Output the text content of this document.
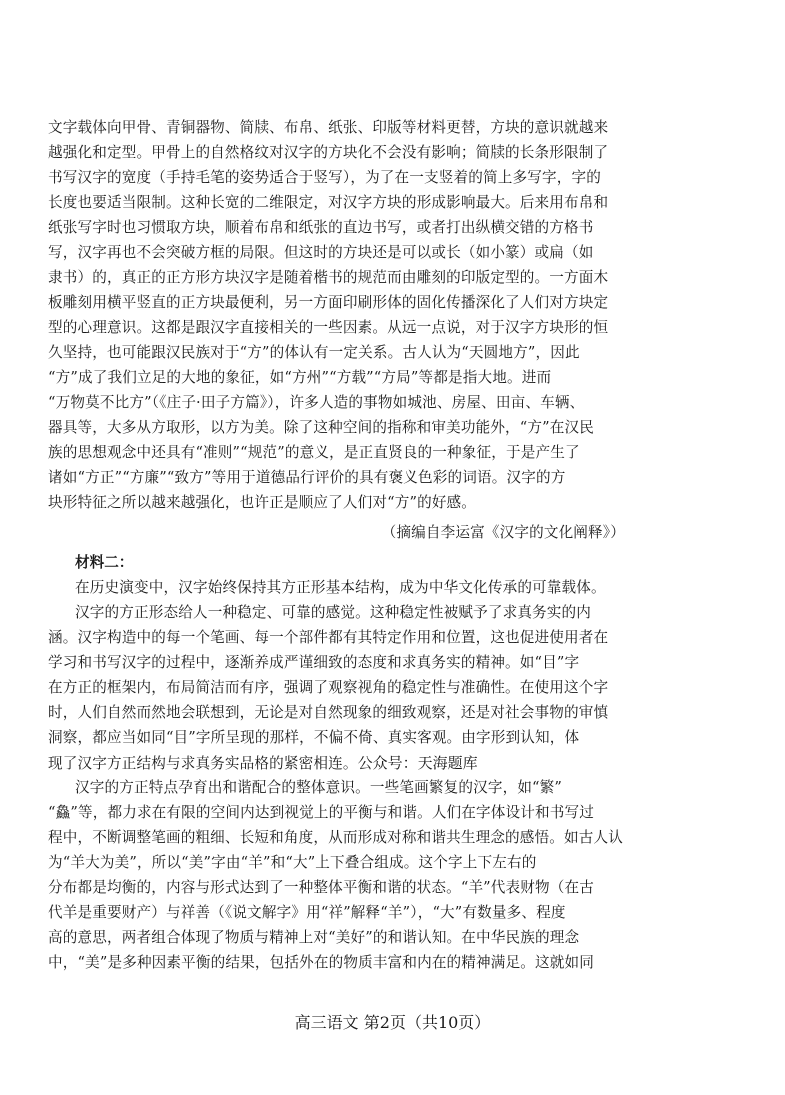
文字载体向甲骨、青铜器物、简牍、布帛、纸张、印版等材料更替，方块的意识就越来
越强化和定型。甲骨上的自然格纹对汉字的方块化不会没有影响；简牍的长条形限制了
书写汉字的宽度（手持毛笔的姿势适合于竖写），为了在一支竖着的简上多写字，字的
长度也要适当限制。这种长宽的二维限定，对汉字方块的形成影响最大。后来用布帛和
纸张写字时也习惯取方块，顺着布帛和纸张的直边书写，或者打出纵横交错的方格书
写，汉字再也不会突破方框的局限。但这时的方块还是可以或长（如小篆）或扁（如
隶书）的，真正的正方形方块汉字是随着楷书的规范而由雕刻的印版定型的。一方面木
板雕刻用横平竖直的正方块最便利，另一方面印刷形体的固化传播深化了人们对方块定
型的心理意识。这都是跟汉字直接相关的一些因素。从远一点说，对于汉字方块形的恒
久坚持，也可能跟汉民族对于“方”的体认有一定关系。古人认为“天圆地方”，因此
“方”成了我们立足的大地的象征，如“方州”“方载”“方局”等都是指大地。进而
“万物莫不比方”（《庄子·田子方篇》），许多人造的事物如城池、房屋、田亩、车辆、
器具等，大多从方取形，以方为美。除了这种空间的指称和审美功能外，“方”在汉民
族的思想观念中还具有“准则”“规范”的意义，是正直贤良的一种象征，于是产生了
诸如“方正”“方廉”“致方”等用于道德品行评价的具有褒义色彩的词语。汉字的方
块形特征之所以越来越强化，也许正是顺应了人们对“方”的好感。
（摘编自李运富《汉字的文化阐释》）
材料二：
在历史演变中，汉字始终保持其方正形基本结构，成为中华文化传承的可靠载体。
汉字的方正形态给人一种稳定、可靠的感觉。这种稳定性被赋予了求真务实的内
涵。汉字构造中的每一个笔画、每一个部件都有其特定作用和位置，这也促进使用者在
学习和书写汉字的过程中，逐渐养成严谨细致的态度和求真务实的精神。如“目”字
在方正的框架内，布局简洁而有序，强调了观察视角的稳定性与准确性。在使用这个字
时，人们自然而然地会联想到，无论是对自然现象的细致观察，还是对社会事物的审慎
洞察，都应当如同“目”字所呈现的那样，不偏不倚、真实客观。由字形到认知，体
现了汉字方正结构与求真务实品格的紧密相连。公众号：天海题库
汉字的方正特点孕育出和谐配合的整体意识。一些笔画繁复的汉字，如“繁”
“鱻”等，都力求在有限的空间内达到视觉上的平衡与和谐。人们在字体设计和书写过
程中，不断调整笔画的粗细、长短和角度，从而形成对称和谐共生理念的感悟。如古人认
为“羊大为美”，所以“美”字由“羊”和“大”上下叠合组成。这个字上下左右的
分布都是均衡的，内容与形式达到了一种整体平衡和谐的状态。“羊”代表财物（在古
代羊是重要财产）与祥善（《说文解字》用“祥”解释“羊”），“大”有数量多、程度
高的意思，两者组合体现了物质与精神上对“美好”的和谐认知。在中华民族的理念
中，“美”是多种因素平衡的结果，包括外在的物质丰富和内在的精神满足。这就如同
高三语文 第2页（共10页）
